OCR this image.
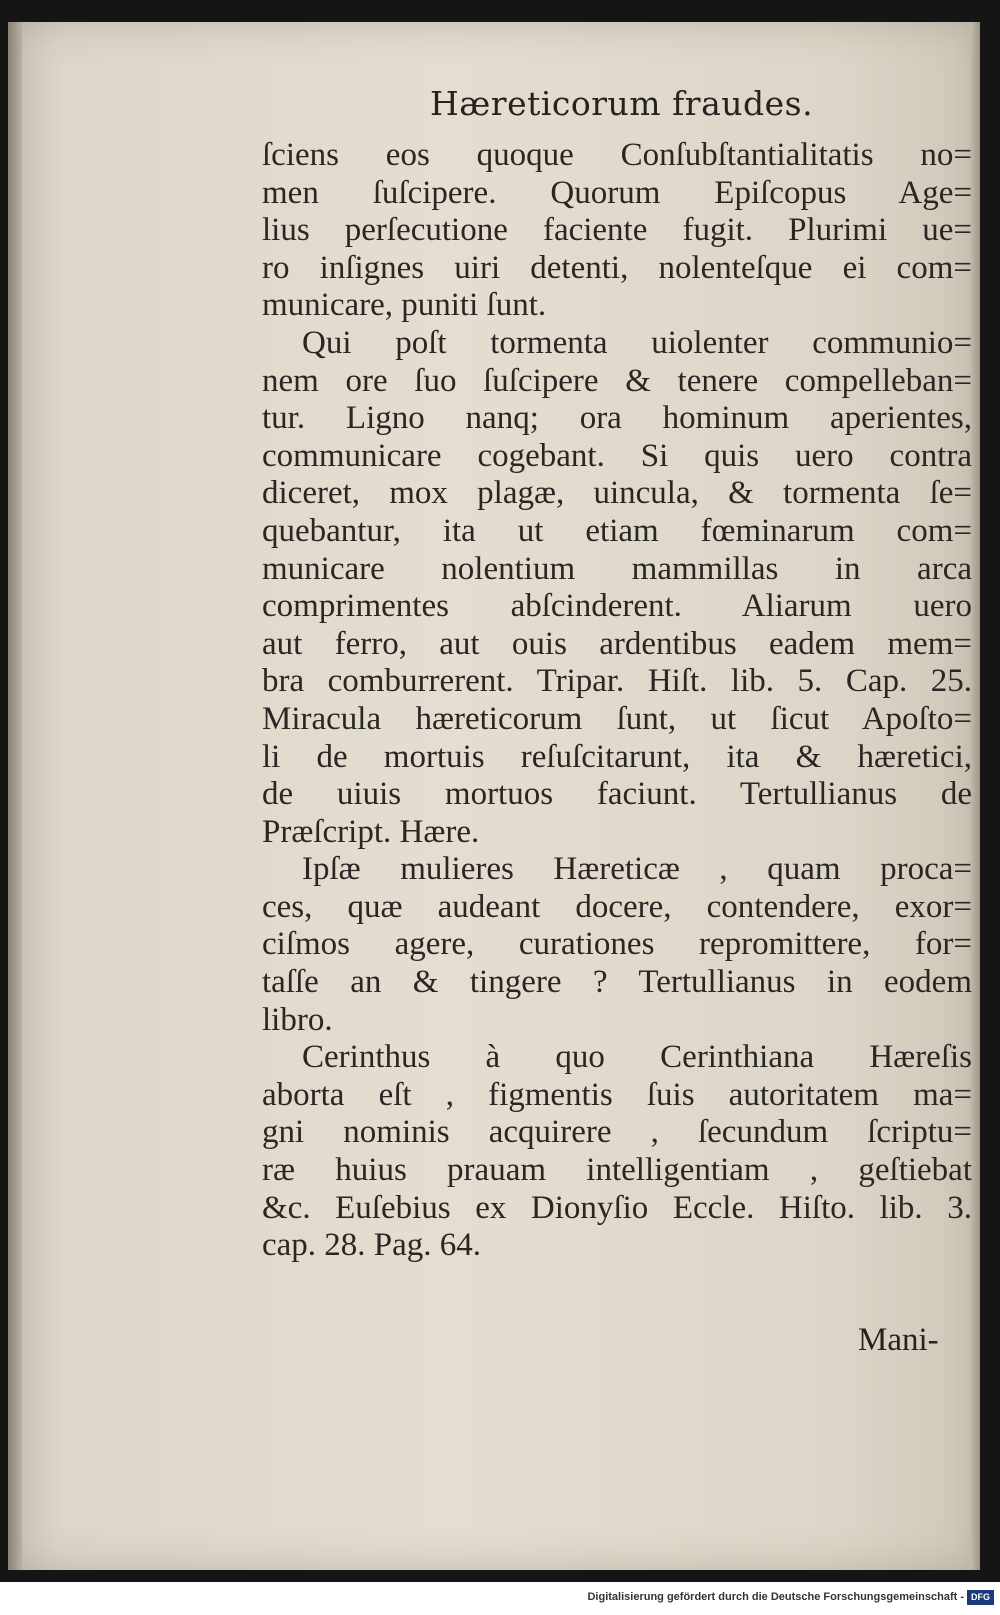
Hæreticorum fraudes.
ſciens eos quoque Conſubſtantialitatis no=
men ſuſcipere. Quorum Epiſcopus Age=
lius perſecutione faciente fugit. Plurimi ue=
ro inſignes uiri detenti, nolenteſque ei com=
municare, puniti ſunt.
Qui poſt tormenta uiolenter communio=
nem ore ſuo ſuſcipere & tenere compelleban=
tur. Ligno nanq; ora hominum aperientes,
communicare cogebant. Si quis uero contra
diceret, mox plagæ, uincula, & tormenta ſe=
quebantur, ita ut etiam fœminarum com=
municare nolentium mammillas in arca
comprimentes abſcinderent. Aliarum uero
aut ferro, aut ouis ardentibus eadem mem=
bra comburrerent. Tripar. Hiſt. lib. 5. Cap. 25.
Miracula hæreticorum ſunt, ut ſicut Apoſto=
li de mortuis reſuſcitarunt, ita & hæretici,
de uiuis mortuos faciunt. Tertullianus de
Præſcript. Hære.
Ipſæ mulieres Hæreticæ , quam proca=
ces, quæ audeant docere, contendere, exor=
ciſmos agere, curationes repromittere, for=
taſſe an & tingere ? Tertullianus in eodem
libro.
Cerinthus à quo Cerinthiana Hæreſis
aborta eſt , figmentis ſuis autoritatem ma=
gni nominis acquirere , ſecundum ſcriptu=
ræ huius prauam intelligentiam , geſtiebat
&c. Euſebius ex Dionyſio Eccle. Hiſto. lib. 3.
cap. 28. Pag. 64.
Mani-
Digitalisierung gefördert durch die Deutsche Forschungsgemeinschaft - DFG
